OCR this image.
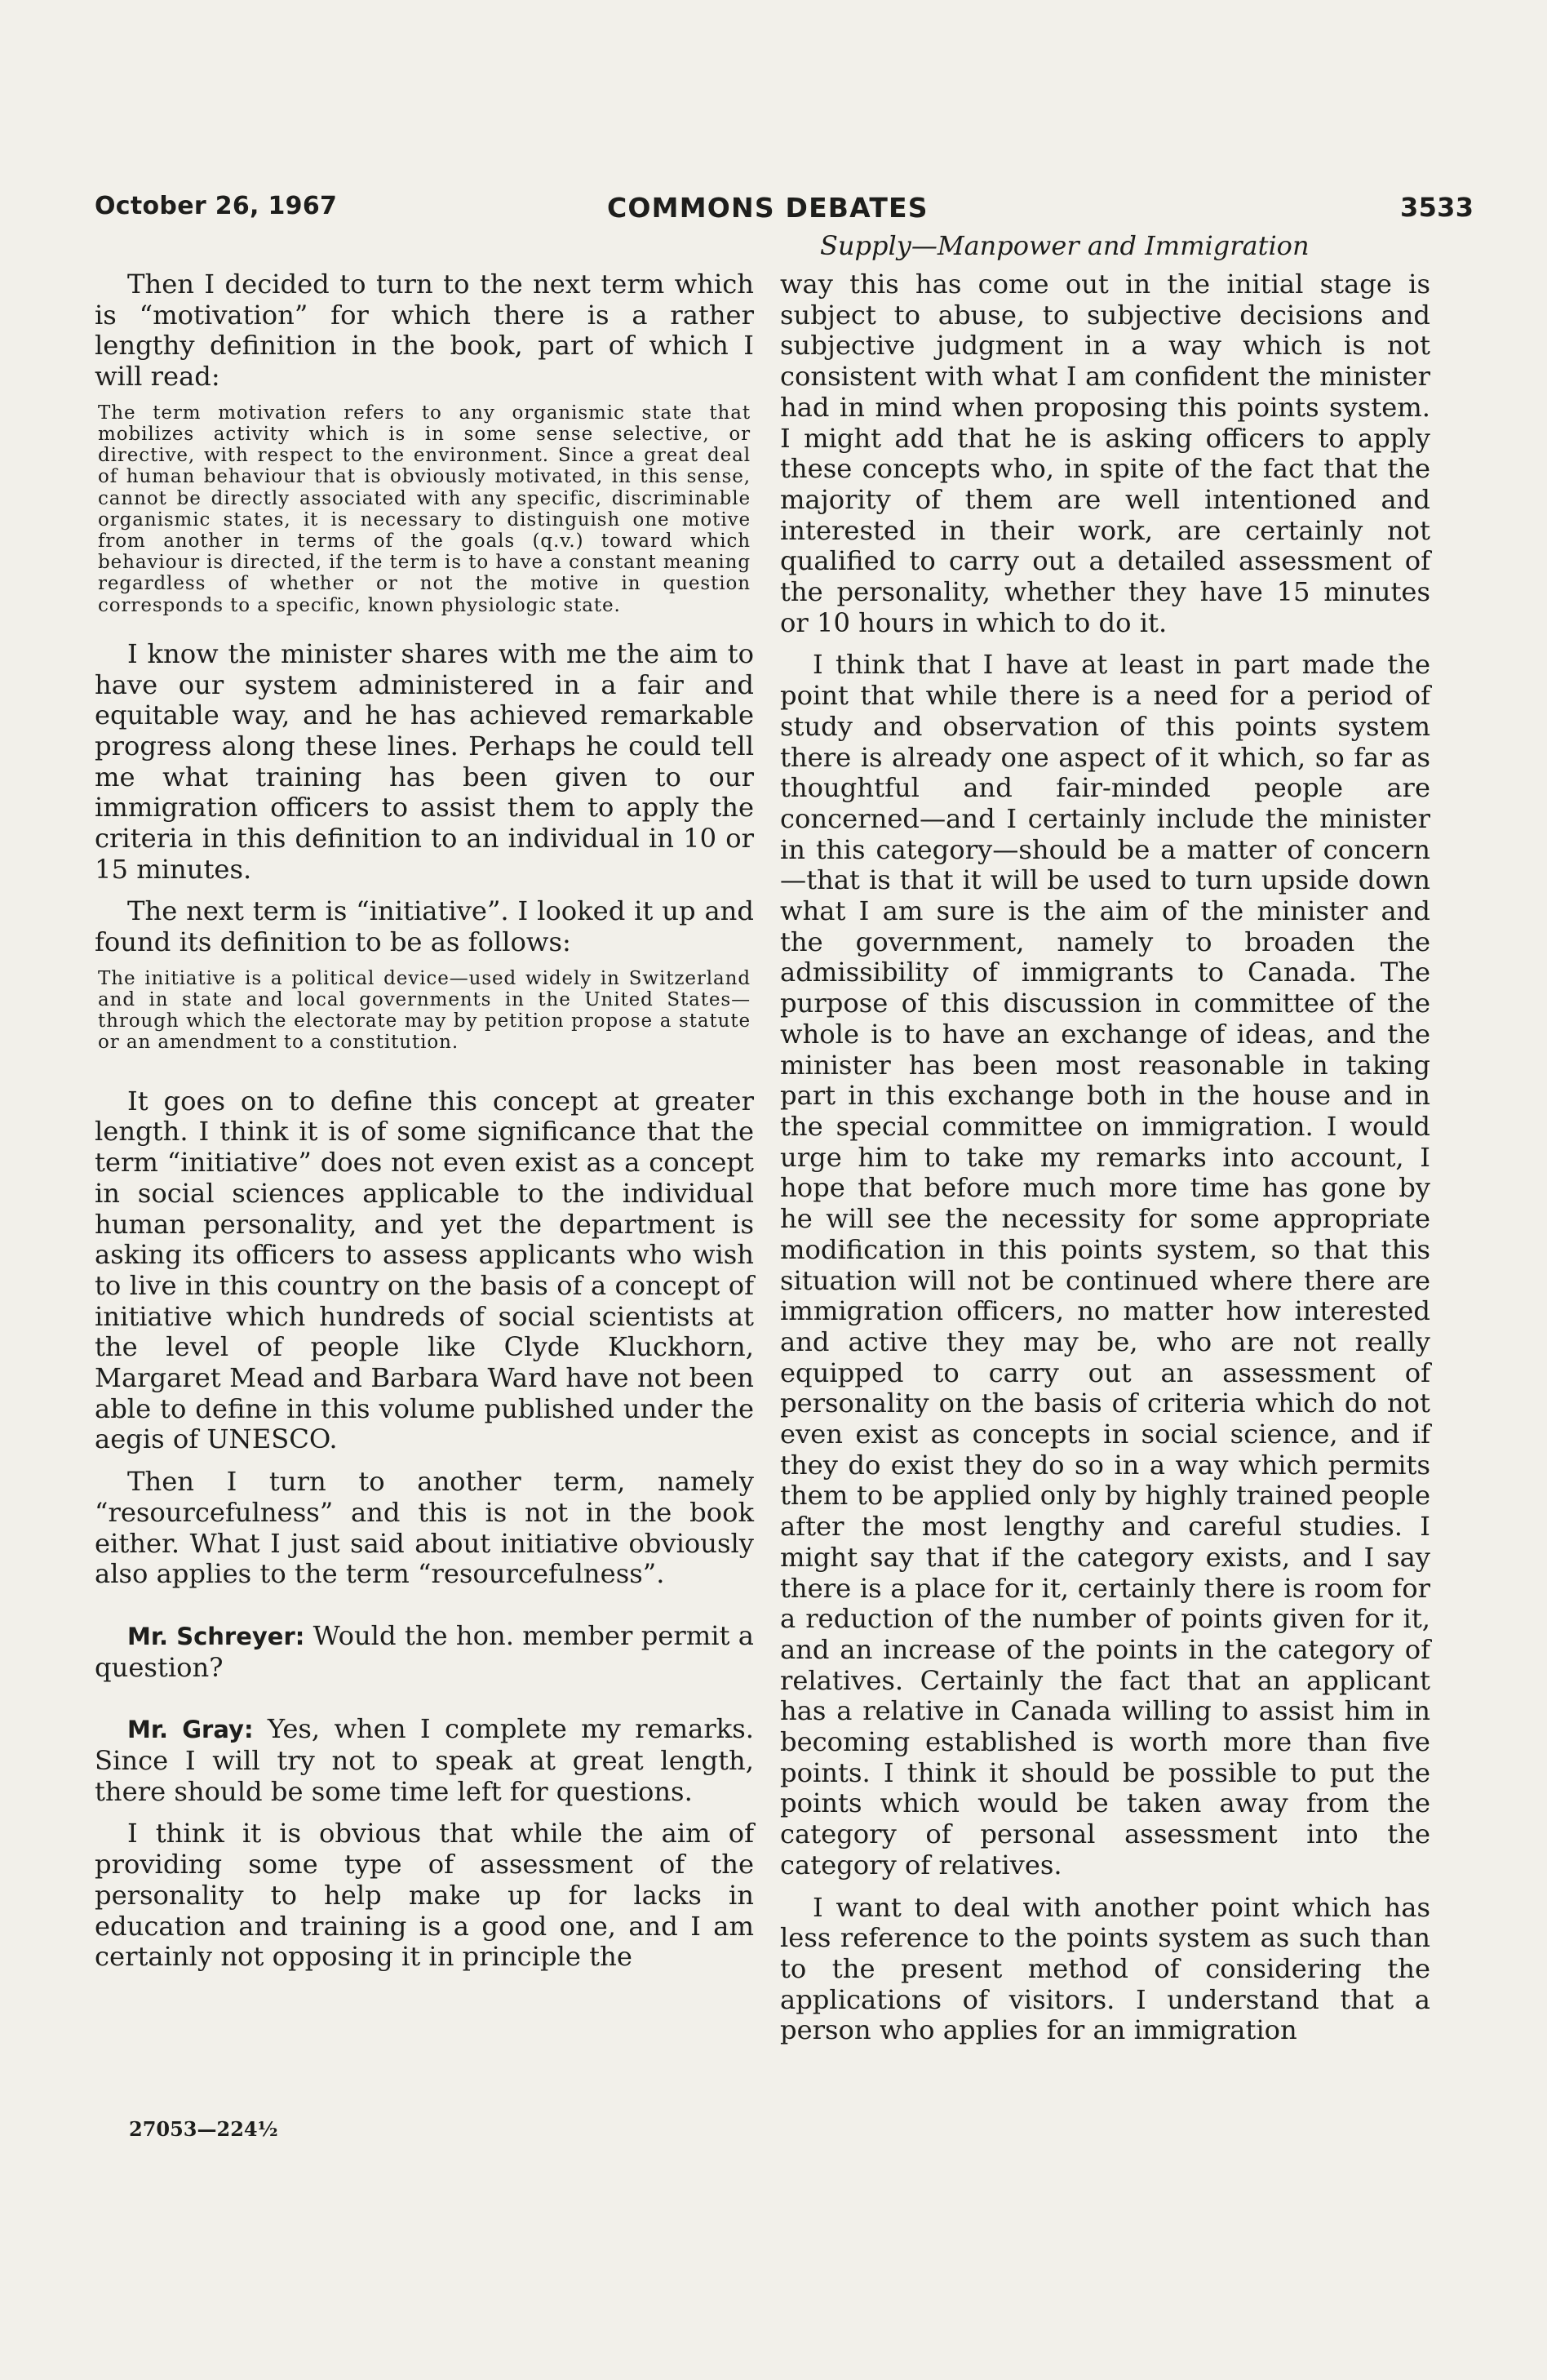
October 26, 1967	COMMONS DEBATES	3533
Supply—Manpower and Immigration

Then I decided to turn to the next term which is “motivation” for which there is a rather lengthy definition in the book, part of which I will read:

The term motivation refers to any organismic state that mobilizes activity which is in some sense selective, or directive, with respect to the environment. Since a great deal of human behaviour that is obviously motivated, in this sense, cannot be directly associated with any specific, discriminable organismic states, it is necessary to distinguish one motive from another in terms of the goals (q.v.) toward which behaviour is directed, if the term is to have a constant meaning regardless of whether or not the motive in question corresponds to a specific, known physiologic state.

I know the minister shares with me the aim to have our system administered in a fair and equitable way, and he has achieved remarkable progress along these lines. Perhaps he could tell me what training has been given to our immigration officers to assist them to apply the criteria in this definition to an individual in 10 or 15 minutes.

The next term is “initiative”. I looked it up and found its definition to be as follows:

The initiative is a political device—used widely in Switzerland and in state and local governments in the United States—through which the electorate may by petition propose a statute or an amendment to a constitution.

It goes on to define this concept at greater length. I think it is of some significance that the term “initiative” does not even exist as a concept in social sciences applicable to the individual human personality, and yet the department is asking its officers to assess applicants who wish to live in this country on the basis of a concept of initiative which hundreds of social scientists at the level of people like Clyde Kluckhorn, Margaret Mead and Barbara Ward have not been able to define in this volume published under the aegis of UNESCO.

Then I turn to another term, namely “resourcefulness” and this is not in the book either. What I just said about initiative obviously also applies to the term “resourcefulness”.

Mr. Schreyer: Would the hon. member permit a question?

Mr. Gray: Yes, when I complete my remarks. Since I will try not to speak at great length, there should be some time left for questions.

I think it is obvious that while the aim of providing some type of assessment of the personality to help make up for lacks in education and training is a good one, and I am certainly not opposing it in principle the

way this has come out in the initial stage is subject to abuse, to subjective decisions and subjective judgment in a way which is not consistent with what I am confident the minister had in mind when proposing this points system. I might add that he is asking officers to apply these concepts who, in spite of the fact that the majority of them are well intentioned and interested in their work, are certainly not qualified to carry out a detailed assessment of the personality, whether they have 15 minutes or 10 hours in which to do it.

I think that I have at least in part made the point that while there is a need for a period of study and observation of this points system there is already one aspect of it which, so far as thoughtful and fair-minded people are concerned—and I certainly include the minister in this category—should be a matter of concern—that is that it will be used to turn upside down what I am sure is the aim of the minister and the government, namely to broaden the admissibility of immigrants to Canada. The purpose of this discussion in committee of the whole is to have an exchange of ideas, and the minister has been most reasonable in taking part in this exchange both in the house and in the special committee on immigration. I would urge him to take my remarks into account, I hope that before much more time has gone by he will see the necessity for some appropriate modification in this points system, so that this situation will not be continued where there are immigration officers, no matter how interested and active they may be, who are not really equipped to carry out an assessment of personality on the basis of criteria which do not even exist as concepts in social science, and if they do exist they do so in a way which permits them to be applied only by highly trained people after the most lengthy and careful studies. I might say that if the category exists, and I say there is a place for it, certainly there is room for a reduction of the number of points given for it, and an increase of the points in the category of relatives. Certainly the fact that an applicant has a relative in Canada willing to assist him in becoming established is worth more than five points. I think it should be possible to put the points which would be taken away from the category of personal assessment into the category of relatives.

I want to deal with another point which has less reference to the points system as such than to the present method of considering the applications of visitors. I understand that a person who applies for an immigration

27053—224½
